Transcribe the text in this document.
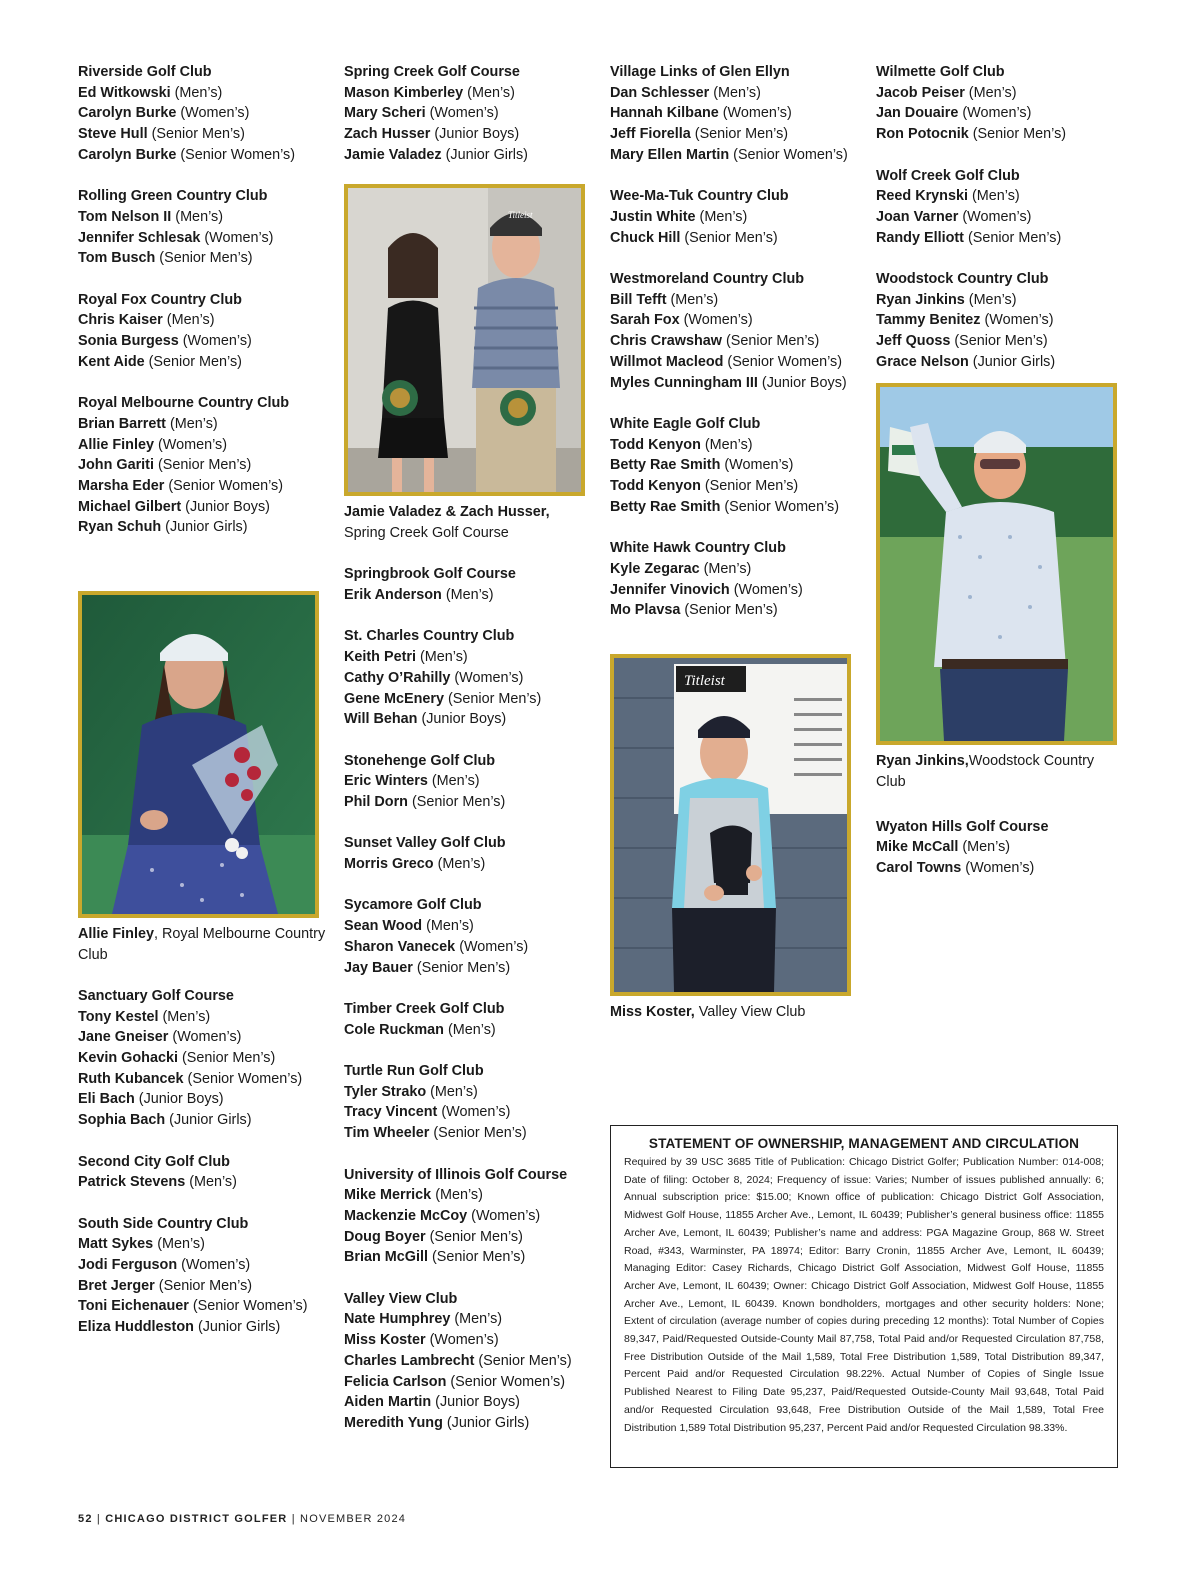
Riverside Golf Club
Ed Witkowski (Men’s)
Carolyn Burke (Women’s)
Steve Hull (Senior Men’s)
Carolyn Burke (Senior Women’s)
Rolling Green Country Club
Tom Nelson II (Men’s)
Jennifer Schlesak (Women’s)
Tom Busch (Senior Men’s)
Royal Fox Country Club
Chris Kaiser (Men’s)
Sonia Burgess (Women’s)
Kent Aide (Senior Men’s)
Royal Melbourne Country Club
Brian Barrett (Men’s)
Allie Finley (Women’s)
John Gariti (Senior Men’s)
Marsha Eder (Senior Women’s)
Michael Gilbert (Junior Boys)
Ryan Schuh (Junior Girls)
Allie Finley, Royal Melbourne Country Club
Sanctuary Golf Course
Tony Kestel (Men’s)
Jane Gneiser (Women’s)
Kevin Gohacki (Senior Men’s)
Ruth Kubancek (Senior Women’s)
Eli Bach (Junior Boys)
Sophia Bach (Junior Girls)
Second City Golf Club
Patrick Stevens (Men’s)
South Side Country Club
Matt Sykes (Men’s)
Jodi Ferguson (Women’s)
Bret Jerger (Senior Men’s)
Toni Eichenauer (Senior Women’s)
Eliza Huddleston (Junior Girls)
Spring Creek Golf Course
Mason Kimberley (Men’s)
Mary Scheri (Women’s)
Zach Husser (Junior Boys)
Jamie Valadez (Junior Girls)
Titleist
Jamie Valadez & Zach Husser,
Spring Creek Golf Course
Springbrook Golf Course
Erik Anderson (Men’s)
St. Charles Country Club
Keith Petri (Men’s)
Cathy O’Rahilly (Women’s)
Gene McEnery (Senior Men’s)
Will Behan (Junior Boys)
Stonehenge Golf Club
Eric Winters (Men’s)
Phil Dorn (Senior Men’s)
Sunset Valley Golf Club
Morris Greco (Men’s)
Sycamore Golf Club
Sean Wood (Men’s)
Sharon Vanecek (Women’s)
Jay Bauer (Senior Men’s)
Timber Creek Golf Club
Cole Ruckman (Men’s)
Turtle Run Golf Club
Tyler Strako (Men’s)
Tracy Vincent (Women’s)
Tim Wheeler (Senior Men’s)
University of Illinois Golf Course
Mike Merrick (Men’s)
Mackenzie McCoy (Women’s)
Doug Boyer (Senior Men’s)
Brian McGill (Senior Men’s)
Valley View Club
Nate Humphrey (Men’s)
Miss Koster (Women’s)
Charles Lambrecht (Senior Men’s)
Felicia Carlson (Senior Women’s)
Aiden Martin (Junior Boys)
Meredith Yung (Junior Girls)
Village Links of Glen Ellyn
Dan Schlesser (Men’s)
Hannah Kilbane (Women’s)
Jeff Fiorella (Senior Men’s)
Mary Ellen Martin (Senior Women’s)
Wee-Ma-Tuk Country Club
Justin White (Men’s)
Chuck Hill (Senior Men’s)
Westmoreland Country Club
Bill Tefft (Men’s)
Sarah Fox (Women’s)
Chris Crawshaw (Senior Men’s)
Willmot Macleod (Senior Women’s)
Myles Cunningham III (Junior Boys)
White Eagle Golf Club
Todd Kenyon (Men’s)
Betty Rae Smith (Women’s)
Todd Kenyon (Senior Men’s)
Betty Rae Smith (Senior Women’s)
White Hawk Country Club
Kyle Zegarac (Men’s)
Jennifer Vinovich (Women’s)
Mo Plavsa (Senior Men’s)
Titleist
Miss Koster, Valley View Club
Wilmette Golf Club
Jacob Peiser (Men’s)
Jan Douaire (Women’s)
Ron Potocnik (Senior Men’s)
Wolf Creek Golf Club
Reed Krynski (Men’s)
Joan Varner (Women’s)
Randy Elliott (Senior Men’s)
Woodstock Country Club
Ryan Jinkins (Men’s)
Tammy Benitez (Women’s)
Jeff Quoss (Senior Men’s)
Grace Nelson (Junior Girls)
Ryan Jinkins,Woodstock Country Club
Wyaton Hills Golf Course
Mike McCall (Men’s)
Carol Towns (Women’s)
STATEMENT OF OWNERSHIP, MANAGEMENT AND CIRCULATION

Required by 39 USC 3685 Title of Publication: Chicago District Golfer; Publication Number: 014-008; Date of filing: October 8, 2024; Frequency of issue: Varies; Number of issues published annually: 6; Annual subscription price: $15.00; Known office of publication: Chicago District Golf Association, Midwest Golf House, 11855 Archer Ave., Lemont, IL 60439; Publisher’s general business office: 11855 Archer Ave, Lemont, IL 60439; Publisher’s name and address: PGA Magazine Group, 868 W. Street Road, #343, Warminster, PA 18974; Editor: Barry Cronin, 11855 Archer Ave, Lemont, IL 60439; Managing Editor: Casey Richards, Chicago District Golf Association, Midwest Golf House, 11855 Archer Ave, Lemont, IL 60439; Owner: Chicago District Golf Association, Midwest Golf House, 11855 Archer Ave., Lemont, IL 60439. Known bondholders, mortgages and other security holders: None; Extent of circulation (average number of copies during preceding 12 months): Total Number of Copies 89,347, Paid/Requested Outside-County Mail 87,758, Total Paid and/or Requested Circulation 87,758, Free Distribution Outside of the Mail 1,589, Total Free Distribution 1,589, Total Distribution 89,347, Percent Paid and/or Requested Circulation 98.22%. Actual Number of Copies of Single Issue Published Nearest to Filing Date 95,237, Paid/Requested Outside-County Mail 93,648, Total Paid and/or Requested Circulation 93,648, Free Distribution Outside of the Mail 1,589, Total Free Distribution 1,589 Total Distribution 95,237, Percent Paid and/or Requested Circulation 98.33%.

52 | CHICAGO DISTRICT GOLFER | NOVEMBER 2024
